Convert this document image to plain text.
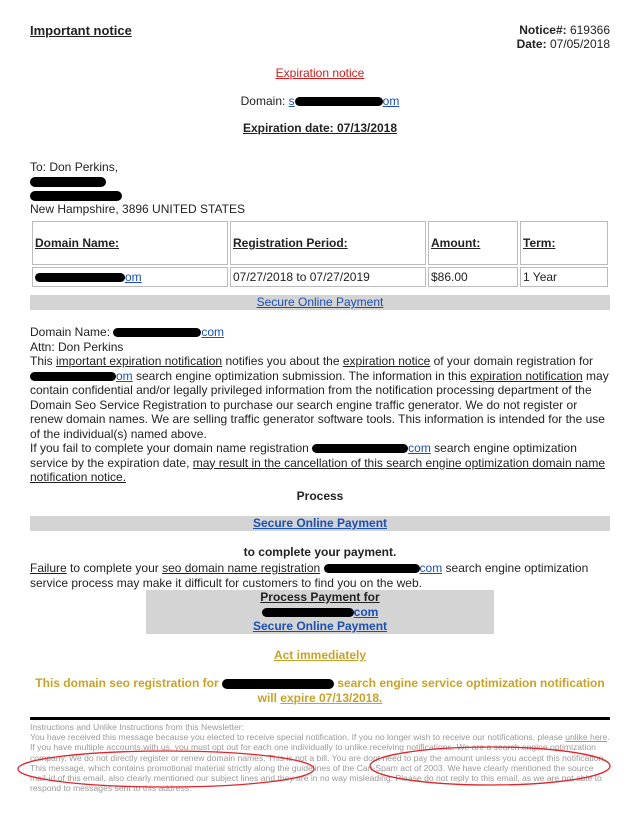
Important notice	Notice#: 619366
Date: 07/05/2018
Expiration notice
Domain: s	om
Expiration date: 07/13/2018
To: Don Perkins,
New Hampshire, 3896 UNITED STATES
Domain Name:	Registration Period:	Amount:	Term:
om	07/27/2018 to 07/27/2019	$86.00	1 Year
Secure Online Payment
Domain Name:	com
Attn: Don Perkins
This important expiration notification notifies you about the expiration notice of your domain registration for om search engine optimization submission. The information in this expiration notification may contain confidential and/or legally privileged information from the notification processing department of the Domain Seo Service Registration to purchase our search engine traffic generator. We do not register or renew domain names. We are selling traffic generator software tools. This information is intended for the use of the individual(s) named above.
If you fail to complete your domain name registration	com search engine optimization service by the expiration date, may result in the cancellation of this search engine optimization domain name notification notice.
Process
Secure Online Payment
to complete your payment.
Failure to complete your seo domain name registration	com search engine optimization service process may make it difficult for customers to find you on the web.
Process Payment for
com
Secure Online Payment
Act immediately
This domain seo registration for	search engine service optimization notification will expire 07/13/2018.
Instructions and Unlike Instructions from this Newsletter:
You have received this message because you elected to receive special notification. If you no longer wish to receive our notifications, please unlike here. If you have multiple accounts with us, you must opt out for each one individually to unlike receiving notifications. We are a search engine optimization company. We do not directly register or renew domain names. This is not a bill. You are dont need to pay the amount unless you accept this notification. This message, which contains promotional material strictly along the guidelines of the Can-Spam act of 2003. We have clearly mentioned the source mail-id of this email, also clearly mentioned our subject lines and they are in no way misleading. Please do not reply to this email, as we are not able to respond to messages sent to this address.
